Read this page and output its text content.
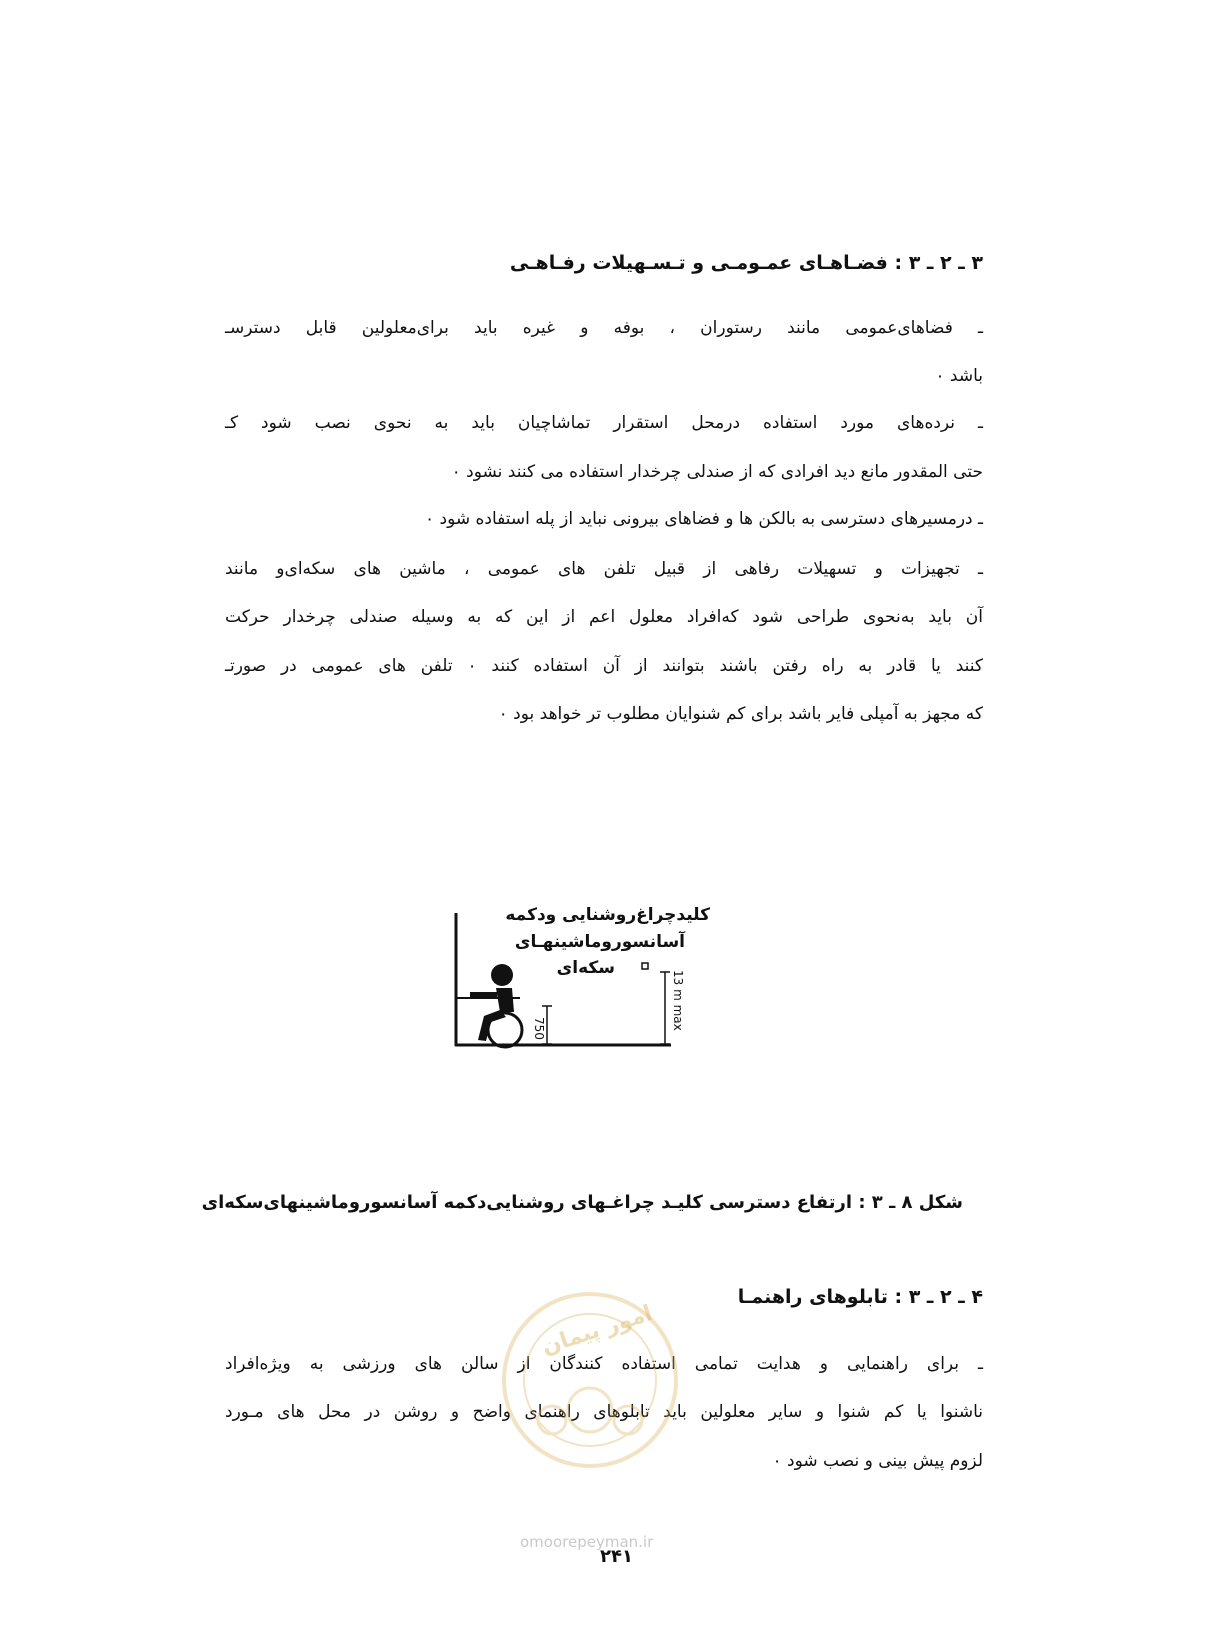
۳ ـ ۲ ـ ۳ : فضـاهـای عمـومـی و تـسـهیلات رفـاهـی
ـ فضاهای‌عمومی مانند رستوران ، بوفه و غیره باید برای‌معلولین قابل دسترسـ
باشد ۰
ـ نرده‌های مورد استفاده درمحل استقرار تماشاچیان باید به نحوی نصب شود کـ
حتی المقدور مانع دید افرادی که از صندلی چرخدار استفاده می کنند نشود ۰
ـ درمسیرهای دسترسی به بالکن ها و فضاهای بیرونی نباید از پله استفاده شود ۰
ـ تجهیزات و تسهیلات رفاهی از قبیل تلفن های عمومی ، ماشین های سکه‌ای‌و مانند
آن باید به‌نحوی طراحی شود که‌افراد معلول اعم از این که به وسیله صندلی چرخدار حرکت
کنند یا قادر به راه رفتن باشند بتوانند از آن استفاده کنند ۰ تلفن های عمومی در صورتـ
که مجهز به آمپلی فایر باشد برای کم شنوایان مطلوب تر خواهد بود ۰
کلیدچراغ‌روشنایی ودکمه
آسانسوروماشینهـای
سکه‌ای
750	13 m max
شکل ۸ ـ ۳ : ارتفاع دسترسی کلیـد چراغـهای روشنایی‌دکمه آسانسوروماشینهای‌سکه‌ای
۴ ـ ۲ ـ ۳ : تابلوهای راهنمـا
ـ برای راهنمایی و هدایت تمامی استفاده کنندگان از سالن های ورزشی به ویژه‌افراد
ناشنوا یا کم شنوا و سایر معلولین باید تابلوهای راهنمای واضح و روشن در محل های مـورد
لزوم پیش بینی و نصب شود ۰
امور پیمان
omoorepeyman.ir
۲۴۱
